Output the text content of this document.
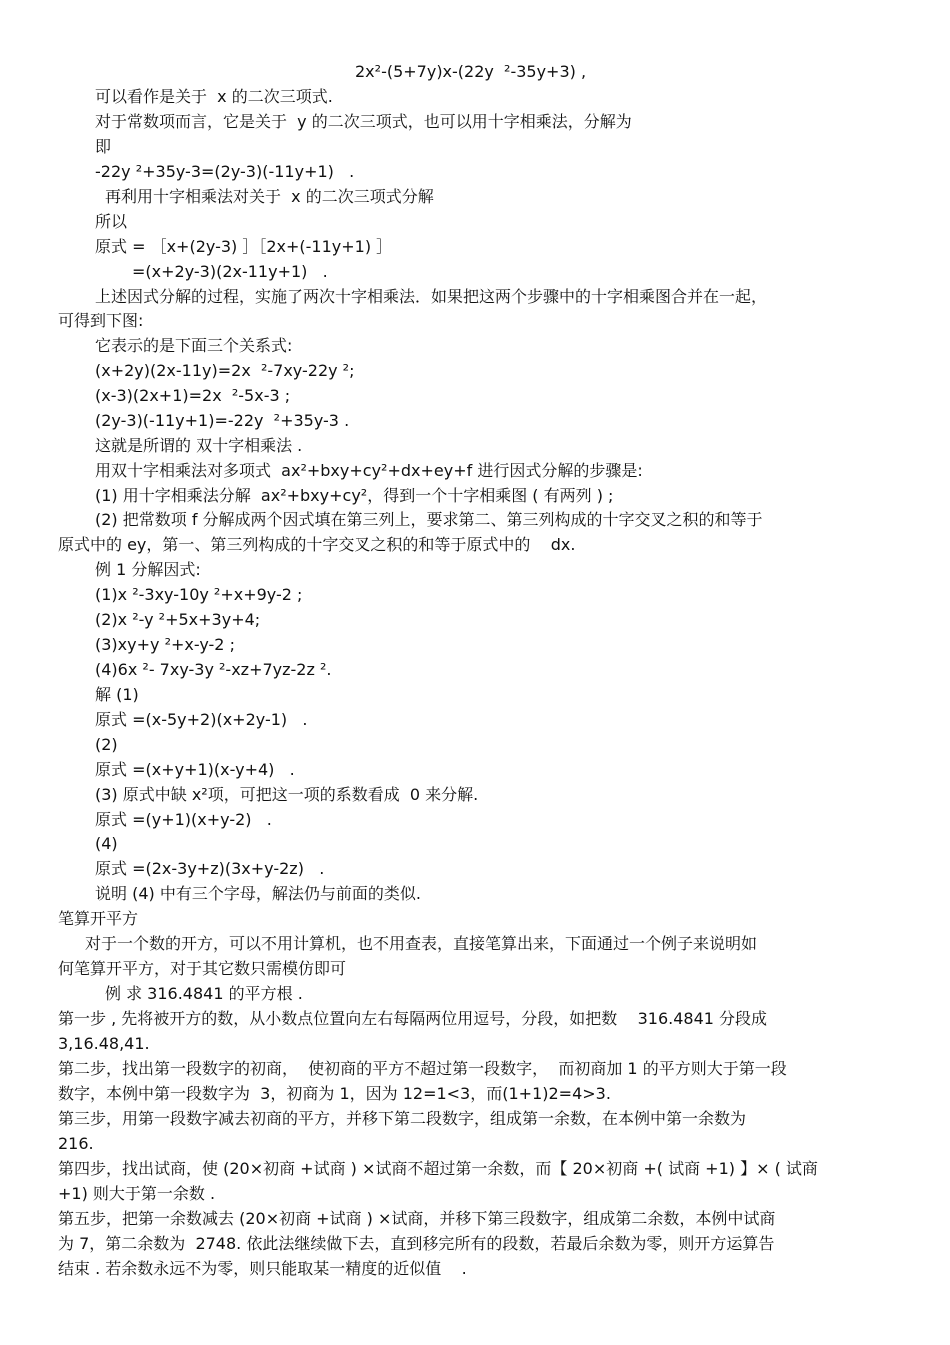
2x²-(5+7y)x-(22y  ²-35y+3) ,
可以看作是关于  x 的二次三项式.
对于常数项而言，它是关于  y 的二次三项式，也可以用十字相乘法，分解为
即
-22y ²+35y-3=(2y-3)(-11y+1)   .
再利用十字相乘法对关于  x 的二次三项式分解
所以
原式 = ［x+(2y-3) ］［2x+(-11y+1) ］
=(x+2y-3)(2x-11y+1)   .
上述因式分解的过程，实施了两次十字相乘法．如果把这两个步骤中的十字相乘图合并在一起，
可得到下图:
它表示的是下面三个关系式:
(x+2y)(2x-11y)=2x  ²-7xy-22y ²;
(x-3)(2x+1)=2x  ²-5x-3 ;
(2y-3)(-11y+1)=-22y  ²+35y-3 .
这就是所谓的 双十字相乘法 .
用双十字相乘法对多项式  ax²+bxy+cy²+dx+ey+f 进行因式分解的步骤是:
(1) 用十字相乘法分解  ax²+bxy+cy²，得到一个十字相乘图 ( 有两列 ) ;
(2) 把常数项 f 分解成两个因式填在第三列上，要求第二、第三列构成的十字交叉之积的和等于
原式中的 ey，第一、第三列构成的十字交叉之积的和等于原式中的    dx.
例 1 分解因式:
(1)x ²-3xy-10y ²+x+9y-2 ;
(2)x ²-y ²+5x+3y+4;
(3)xy+y ²+x-y-2 ;
(4)6x ²- 7xy-3y ²-xz+7yz-2z ².
解 (1)
原式 =(x-5y+2)(x+2y-1)   .
(2)
原式 =(x+y+1)(x-y+4)   .
(3) 原式中缺 x²项，可把这一项的系数看成  0 来分解.
原式 =(y+1)(x+y-2)   .
(4)
原式 =(2x-3y+z)(3x+y-2z)   .
说明 (4) 中有三个字母，解法仍与前面的类似.
笔算开平方
对于一个数的开方，可以不用计算机，也不用查表，直接笔算出来，下面通过一个例子来说明如
何笔算开平方，对于其它数只需模仿即可
例 求 316.4841 的平方根 .
第一步 , 先将被开方的数，从小数点位置向左右每隔两位用逗号，分段，如把数    316.4841 分段成
3,16.48,41.
第二步，找出第一段数字的初商，  使初商的平方不超过第一段数字，  而初商加 1 的平方则大于第一段
数字，本例中第一段数字为  3，初商为 1，因为 12=1<3，而(1+1)2=4>3.
第三步，用第一段数字减去初商的平方，并移下第二段数字，组成第一余数，在本例中第一余数为
216.
第四步，找出试商，使 (20×初商 +试商 ) ×试商不超过第一余数，而【 20×初商 +( 试商 +1) 】× ( 试商
+1) 则大于第一余数 .
第五步，把第一余数减去 (20×初商 +试商 ) ×试商，并移下第三段数字，组成第二余数，本例中试商
为 7，第二余数为  2748. 依此法继续做下去，直到移完所有的段数，若最后余数为零，则开方运算告
结束 . 若余数永远不为零，则只能取某一精度的近似值    .
